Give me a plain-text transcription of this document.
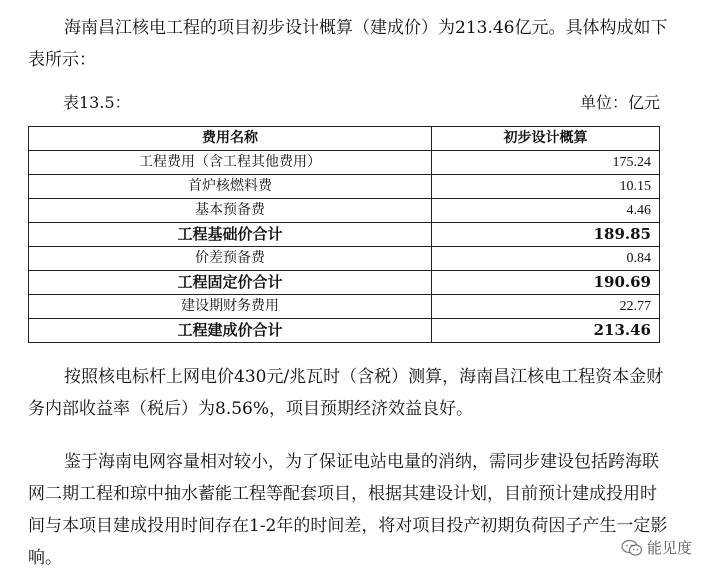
海南昌江核电工程的项目初步设计概算（建成价）为213.46亿元。具体构成如下表所示：

表13.5：	单位：亿元
费用名称	初步设计概算
工程费用（含工程其他费用）	175.24
首炉核燃料费	10.15
基本预备费	4.46
工程基础价合计	189.85
价差预备费	0.84
工程固定价合计	190.69
建设期财务费用	22.77
工程建成价合计	213.46

按照核电标杆上网电价430元/兆瓦时（含税）测算，海南昌江核电工程资本金财务内部收益率（税后）为8.56%，项目预期经济效益良好。

鉴于海南电网容量相对较小，为了保证电站电量的消纳，需同步建设包括跨海联网二期工程和琼中抽水蓄能工程等配套项目，根据其建设计划，目前预计建成投用时间与本项目建成投用时间存在1-2年的时间差，将对项目投产初期负荷因子产生一定影响。	能见度
